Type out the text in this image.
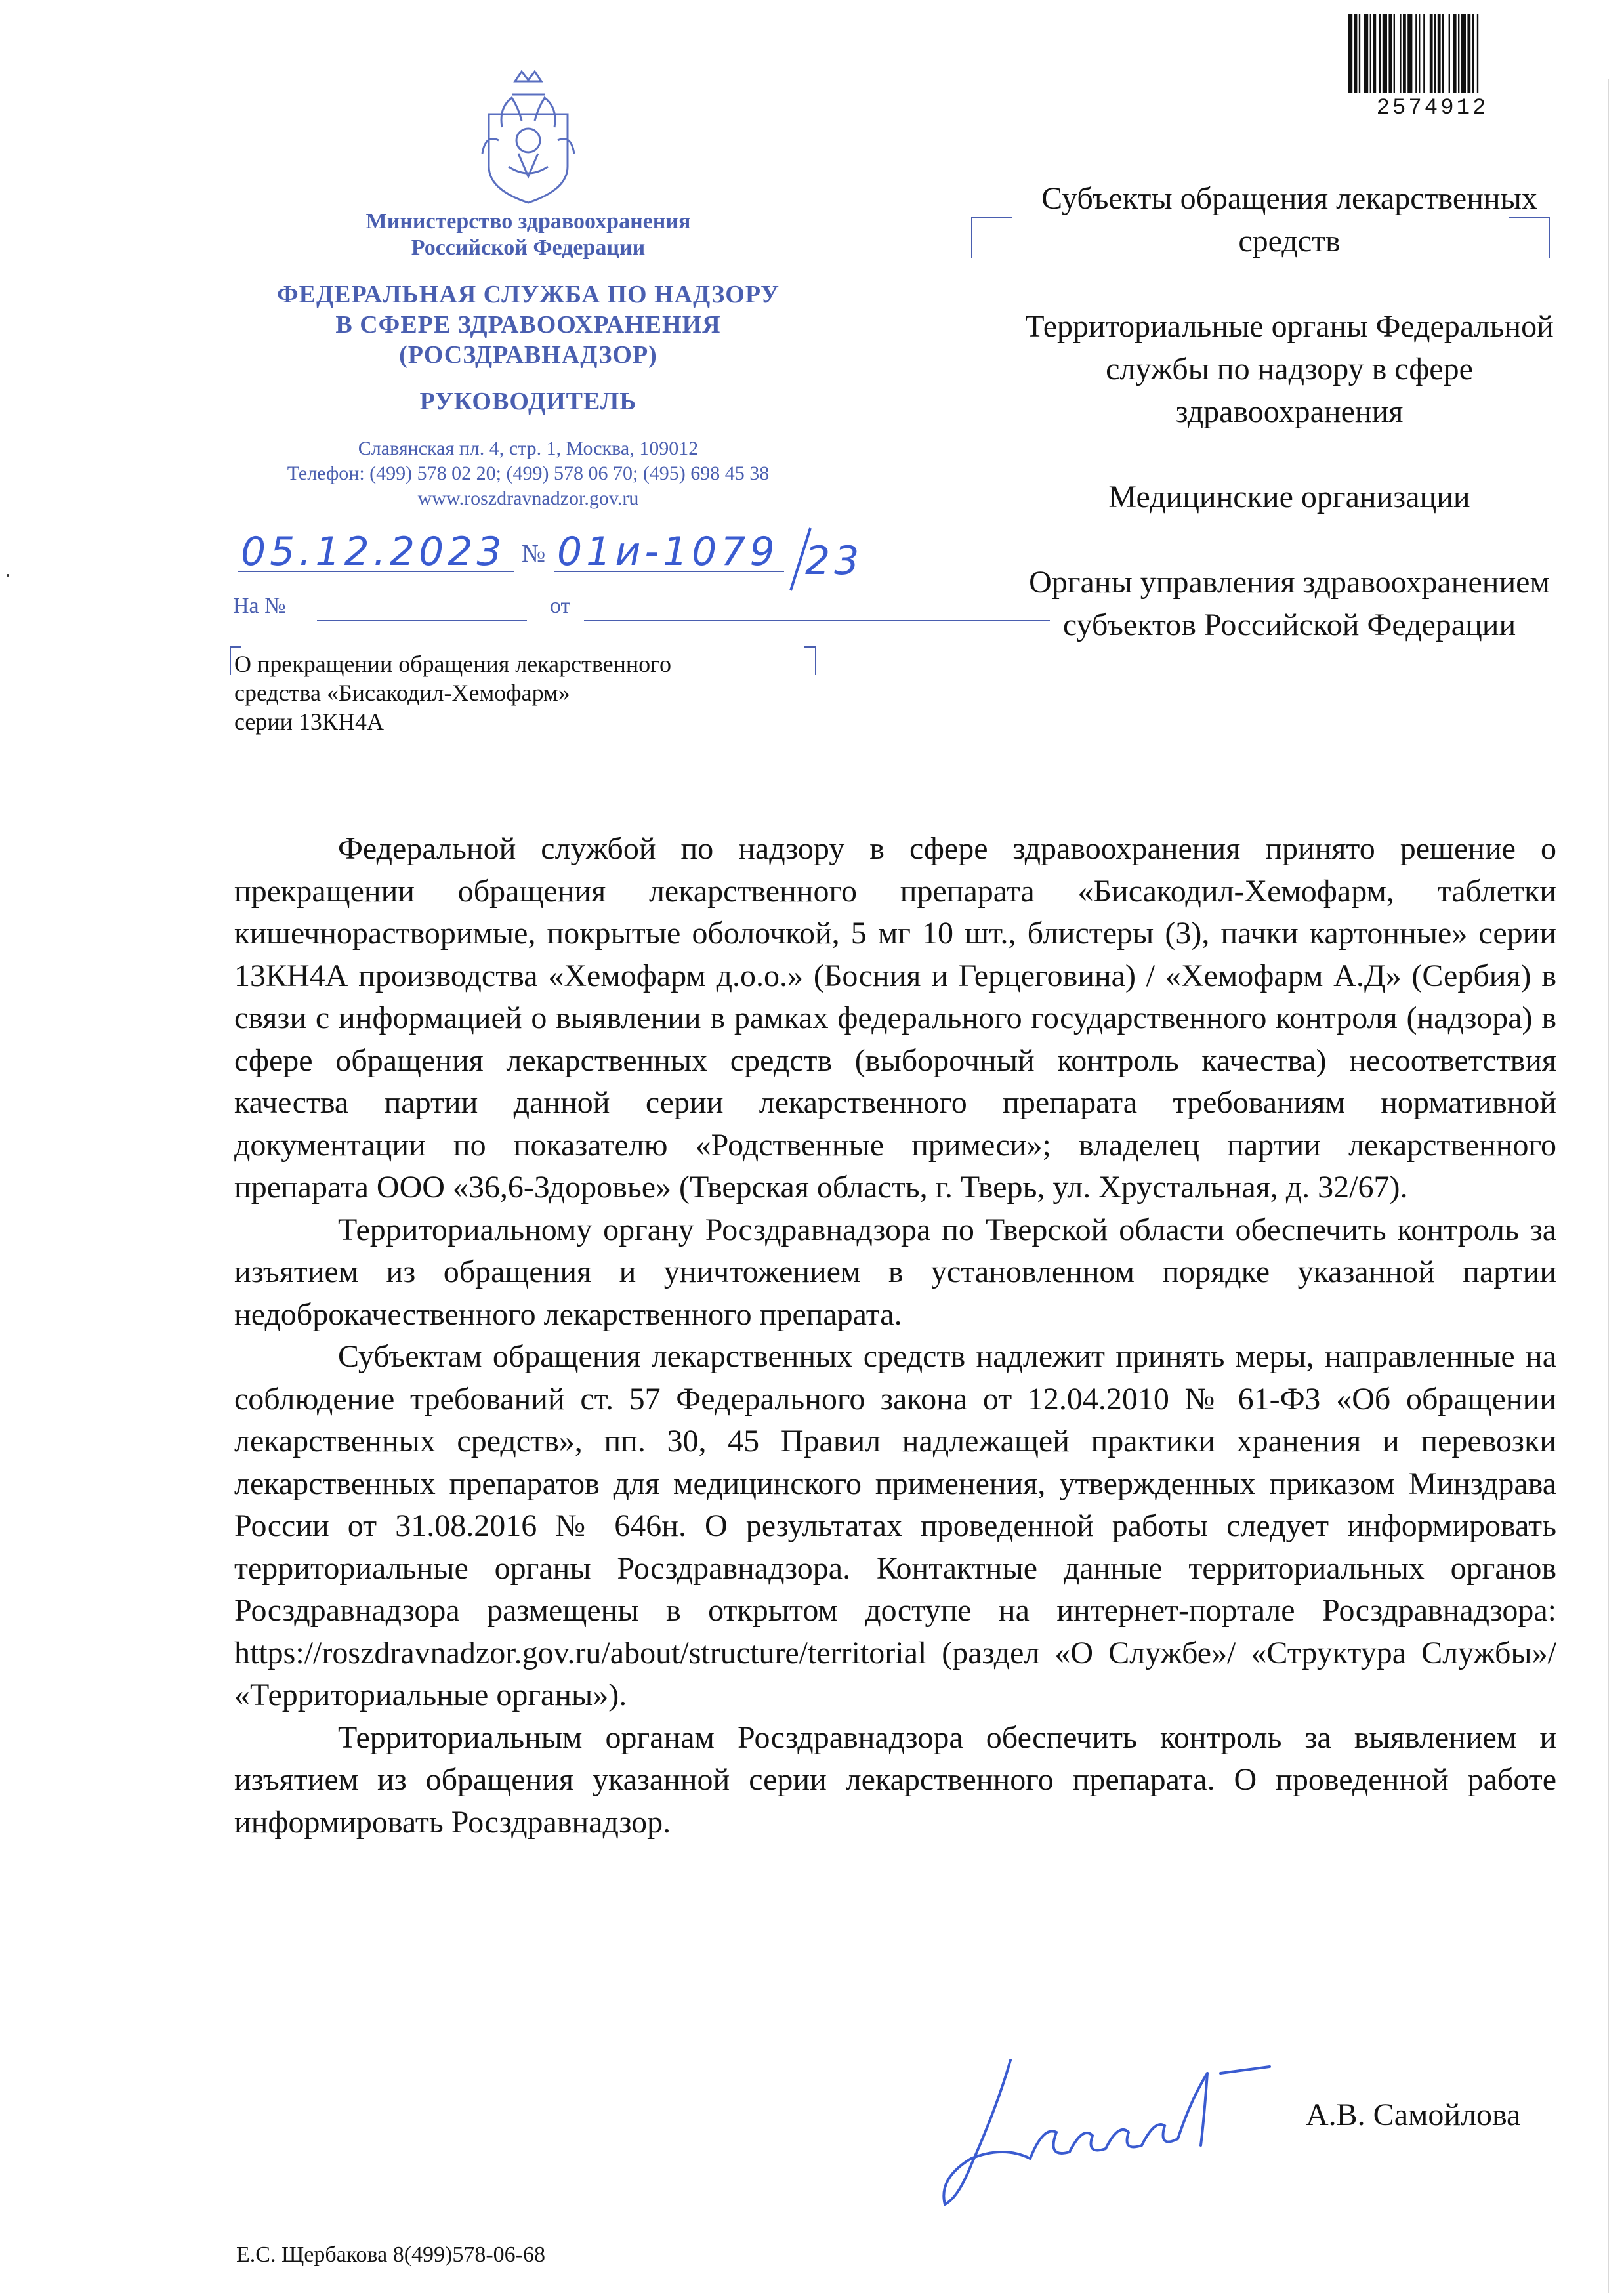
2574912
Министерство здравоохранения
Российской Федерации
ФЕДЕРАЛЬНАЯ СЛУЖБА ПО НАДЗОРУ
В СФЕРЕ ЗДРАВООХРАНЕНИЯ
(РОСЗДРАВНАДЗОР)
РУКОВОДИТЕЛЬ
Славянская пл. 4, стр. 1, Москва, 109012
Телефон: (499) 578 02 20; (499) 578 06 70; (495) 698 45 38
www.roszdravnadzor.gov.ru
05.12.2023 № 01и-1079 23
На №	от
О прекращении обращения лекарственного
средства «Бисакодил-Хемофарм»
серии 13КН4А
Субъекты обращения лекарственных средств
Территориальные органы Федеральной службы по надзору в сфере здравоохранения
Медицинские организации
Органы управления здравоохранением субъектов Российской Федерации

Федеральной службой по надзору в сфере здравоохранения принято решение о прекращении обращения лекарственного препарата «Бисакодил-Хемофарм, таблетки кишечнорастворимые, покрытые оболочкой, 5 мг 10 шт., блистеры (3), пачки картонные» серии 13КН4А производства «Хемофарм д.о.о.» (Босния и Герцеговина) / «Хемофарм А.Д» (Сербия) в связи с информацией о выявлении в рамках федерального государственного контроля (надзора) в сфере обращения лекарственных средств (выборочный контроль качества) несоответствия качества партии данной серии лекарственного препарата требованиям нормативной документации по показателю «Родственные примеси»; владелец партии лекарственного препарата ООО «36,6-Здоровье» (Тверская область, г. Тверь, ул. Хрустальная, д. 32/67).

Территориальному органу Росздравнадзора по Тверской области обеспечить контроль за изъятием из обращения и уничтожением в установленном порядке указанной партии недоброкачественного лекарственного препарата.

Субъектам обращения лекарственных средств надлежит принять меры, направленные на соблюдение требований ст. 57 Федерального закона от 12.04.2010 № 61-ФЗ «Об обращении лекарственных средств», пп. 30, 45 Правил надлежащей практики хранения и перевозки лекарственных препаратов для медицинского применения, утвержденных приказом Минздрава России от 31.08.2016 № 646н. О результатах проведенной работы следует информировать территориальные органы Росздравнадзора. Контактные данные территориальных органов Росздравнадзора размещены в открытом доступе на интернет-портале Росздравнадзора: https://roszdravnadzor.gov.ru/about/structure/territorial (раздел «О Службе»/ «Структура Службы»/ «Территориальные органы»).

Территориальным органам Росздравнадзора обеспечить контроль за выявлением и изъятием из обращения указанной серии лекарственного препарата. О проведенной работе информировать Росздравнадзор.

А.В. Самойлова
Е.С. Щербакова 8(499)578-06-68
